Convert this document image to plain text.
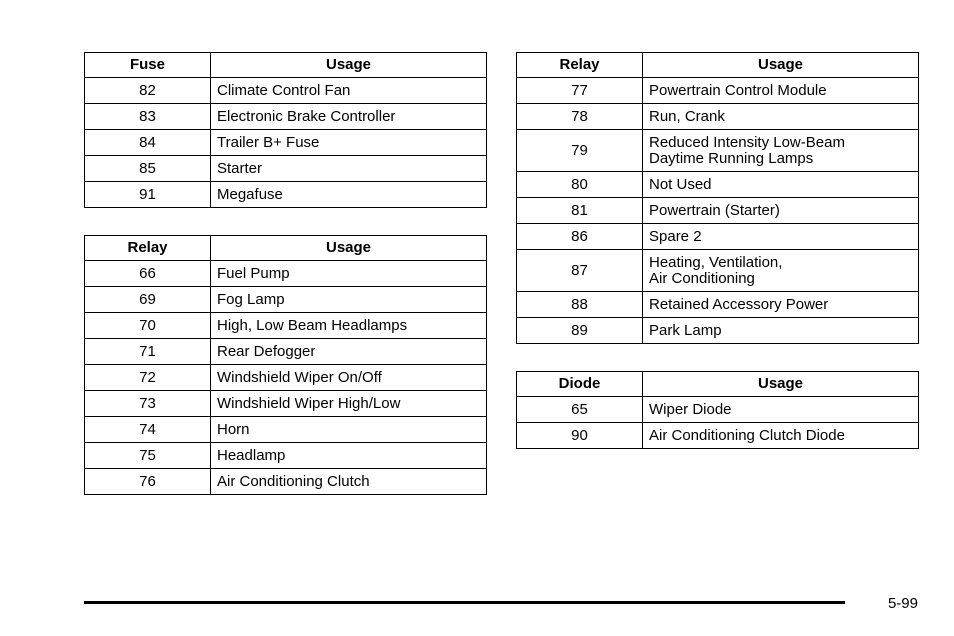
Fuse	Usage
82	Climate Control Fan

83	Electronic Brake Controller

84	Trailer B+ Fuse

85	Starter

91	Megafuse
Relay	Usage
66	Fuel Pump

69	Fog Lamp

70	High, Low Beam Headlamps

71	Rear Defogger

72	Windshield Wiper On/Off

73	Windshield Wiper High/Low

74	Horn

75	Headlamp

76	Air Conditioning Clutch
Relay	Usage
77	Powertrain Control Module

78	Run, Crank

79	Reduced Intensity Low-Beam
Daytime Running Lamps

80	Not Used

81	Powertrain (Starter)

86	Spare 2

87	Heating, Ventilation,
Air Conditioning

88	Retained Accessory Power

89	Park Lamp
Diode	Usage
65	Wiper Diode

90	Air Conditioning Clutch Diode
5-99
